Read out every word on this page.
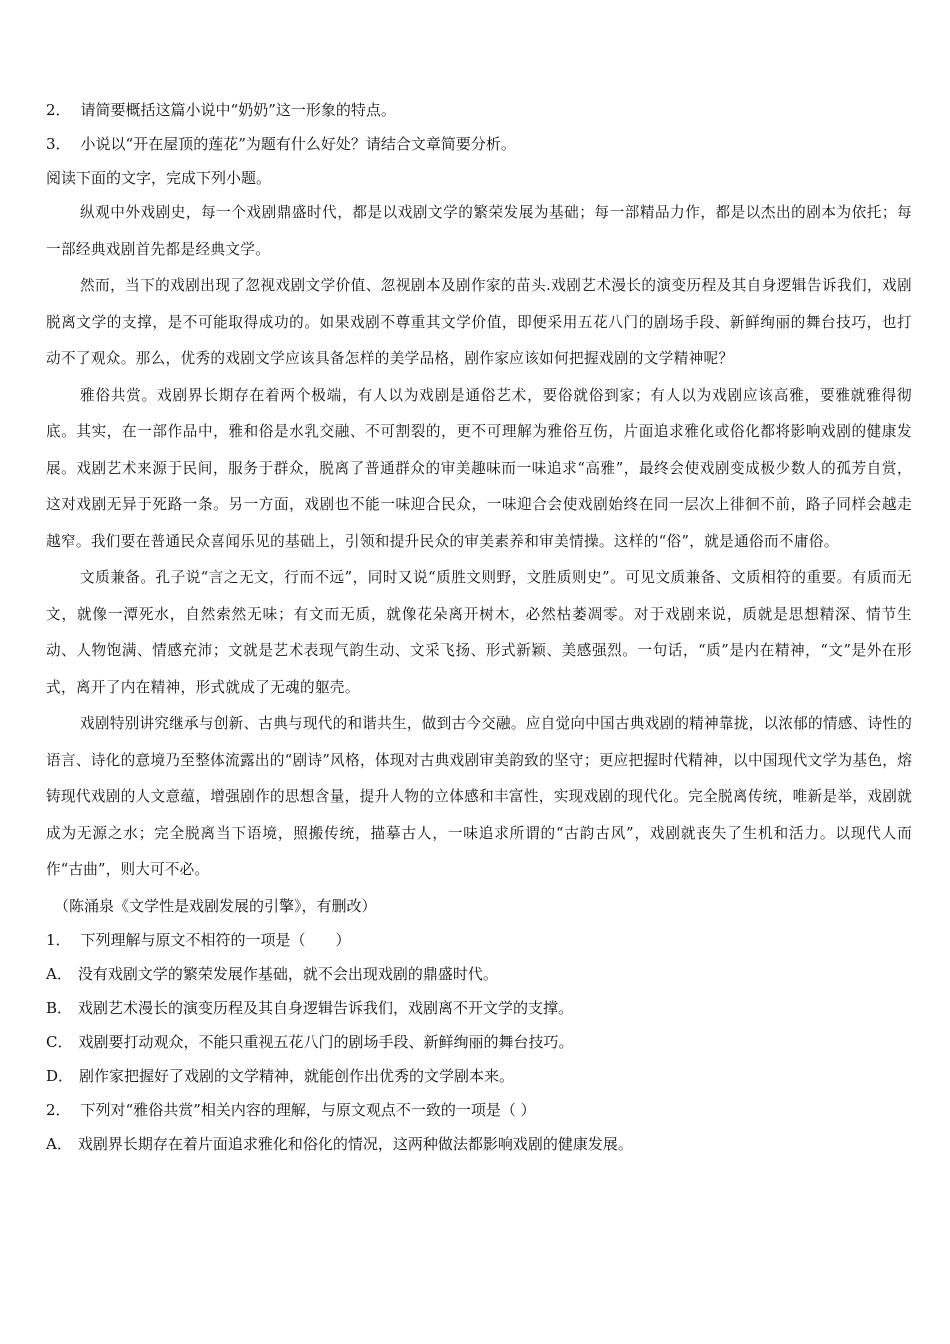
2． 请简要概括这篇小说中“奶奶”这一形象的特点。
3． 小说以“开在屋顶的莲花”为题有什么好处？请结合文章简要分析。
阅读下面的文字，完成下列小题。

纵观中外戏剧史，每一个戏剧鼎盛时代，都是以戏剧文学的繁荣发展为基础；每一部精品力作，都是以杰出的剧本为依托；每一部经典戏剧首先都是经典文学。

然而，当下的戏剧出现了忽视戏剧文学价值、忽视剧本及剧作家的苗头.戏剧艺术漫长的演变历程及其自身逻辑告诉我们，戏剧脱离文学的支撑，是不可能取得成功的。如果戏剧不尊重其文学价值，即便采用五花八门的剧场手段、新鲜绚丽的舞台技巧，也打动不了观众。那么，优秀的戏剧文学应该具备怎样的美学品格，剧作家应该如何把握戏剧的文学精神呢？

雅俗共赏。戏剧界长期存在着两个极端，有人以为戏剧是通俗艺术，要俗就俗到家；有人以为戏剧应该高雅，要雅就雅得彻底。其实，在一部作品中，雅和俗是水乳交融、不可割裂的，更不可理解为雅俗互伤，片面追求雅化或俗化都将影响戏剧的健康发展。戏剧艺术来源于民间，服务于群众，脱离了普通群众的审美趣味而一味追求“高雅”，最终会使戏剧变成极少数人的孤芳自赏，这对戏剧无异于死路一条。另一方面，戏剧也不能一味迎合民众，一味迎合会使戏剧始终在同一层次上徘徊不前，路子同样会越走越窄。我们要在普通民众喜闻乐见的基础上，引领和提升民众的审美素养和审美情操。这样的“俗”，就是通俗而不庸俗。

文质兼备。孔子说“言之无文，行而不远”，同时又说“质胜文则野，文胜质则史”。可见文质兼备、文质相符的重要。有质而无文，就像一潭死水，自然索然无味；有文而无质，就像花朵离开树木，必然枯萎凋零。对于戏剧来说，质就是思想精深、情节生动、人物饱满、情感充沛；文就是艺术表现气韵生动、文采飞扬、形式新颖、美感强烈。一句话，“质”是内在精神，“文”是外在形式，离开了内在精神，形式就成了无魂的躯壳。

戏剧特别讲究继承与创新、古典与现代的和谐共生，做到古今交融。应自觉向中国古典戏剧的精神靠拢，以浓郁的情感、诗性的语言、诗化的意境乃至整体流露出的“剧诗”风格，体现对古典戏剧审美韵致的坚守；更应把握时代精神，以中国现代文学为基色，熔铸现代戏剧的人文意蕴，增强剧作的思想含量，提升人物的立体感和丰富性，实现戏剧的现代化。完全脱离传统，唯新是举，戏剧就成为无源之水；完全脱离当下语境，照搬传统，描摹古人，一味追求所谓的“古韵古风”，戏剧就丧失了生机和活力。以现代人而作“古曲”，则大可不必。

（陈涌泉《文学性是戏剧发展的引擎》，有删改）
1． 下列理解与原文不相符的一项是（　　）
A． 没有戏剧文学的繁荣发展作基础，就不会出现戏剧的鼎盛时代。
B． 戏剧艺术漫长的演变历程及其自身逻辑告诉我们，戏剧离不开文学的支撑。
C． 戏剧要打动观众，不能只重视五花八门的剧场手段、新鲜绚丽的舞台技巧。
D． 剧作家把握好了戏剧的文学精神，就能创作出优秀的文学剧本来。
2． 下列对“雅俗共赏”相关内容的理解，与原文观点不一致的一项是（ ）
A． 戏剧界长期存在着片面追求雅化和俗化的情况，这两种做法都影响戏剧的健康发展。
